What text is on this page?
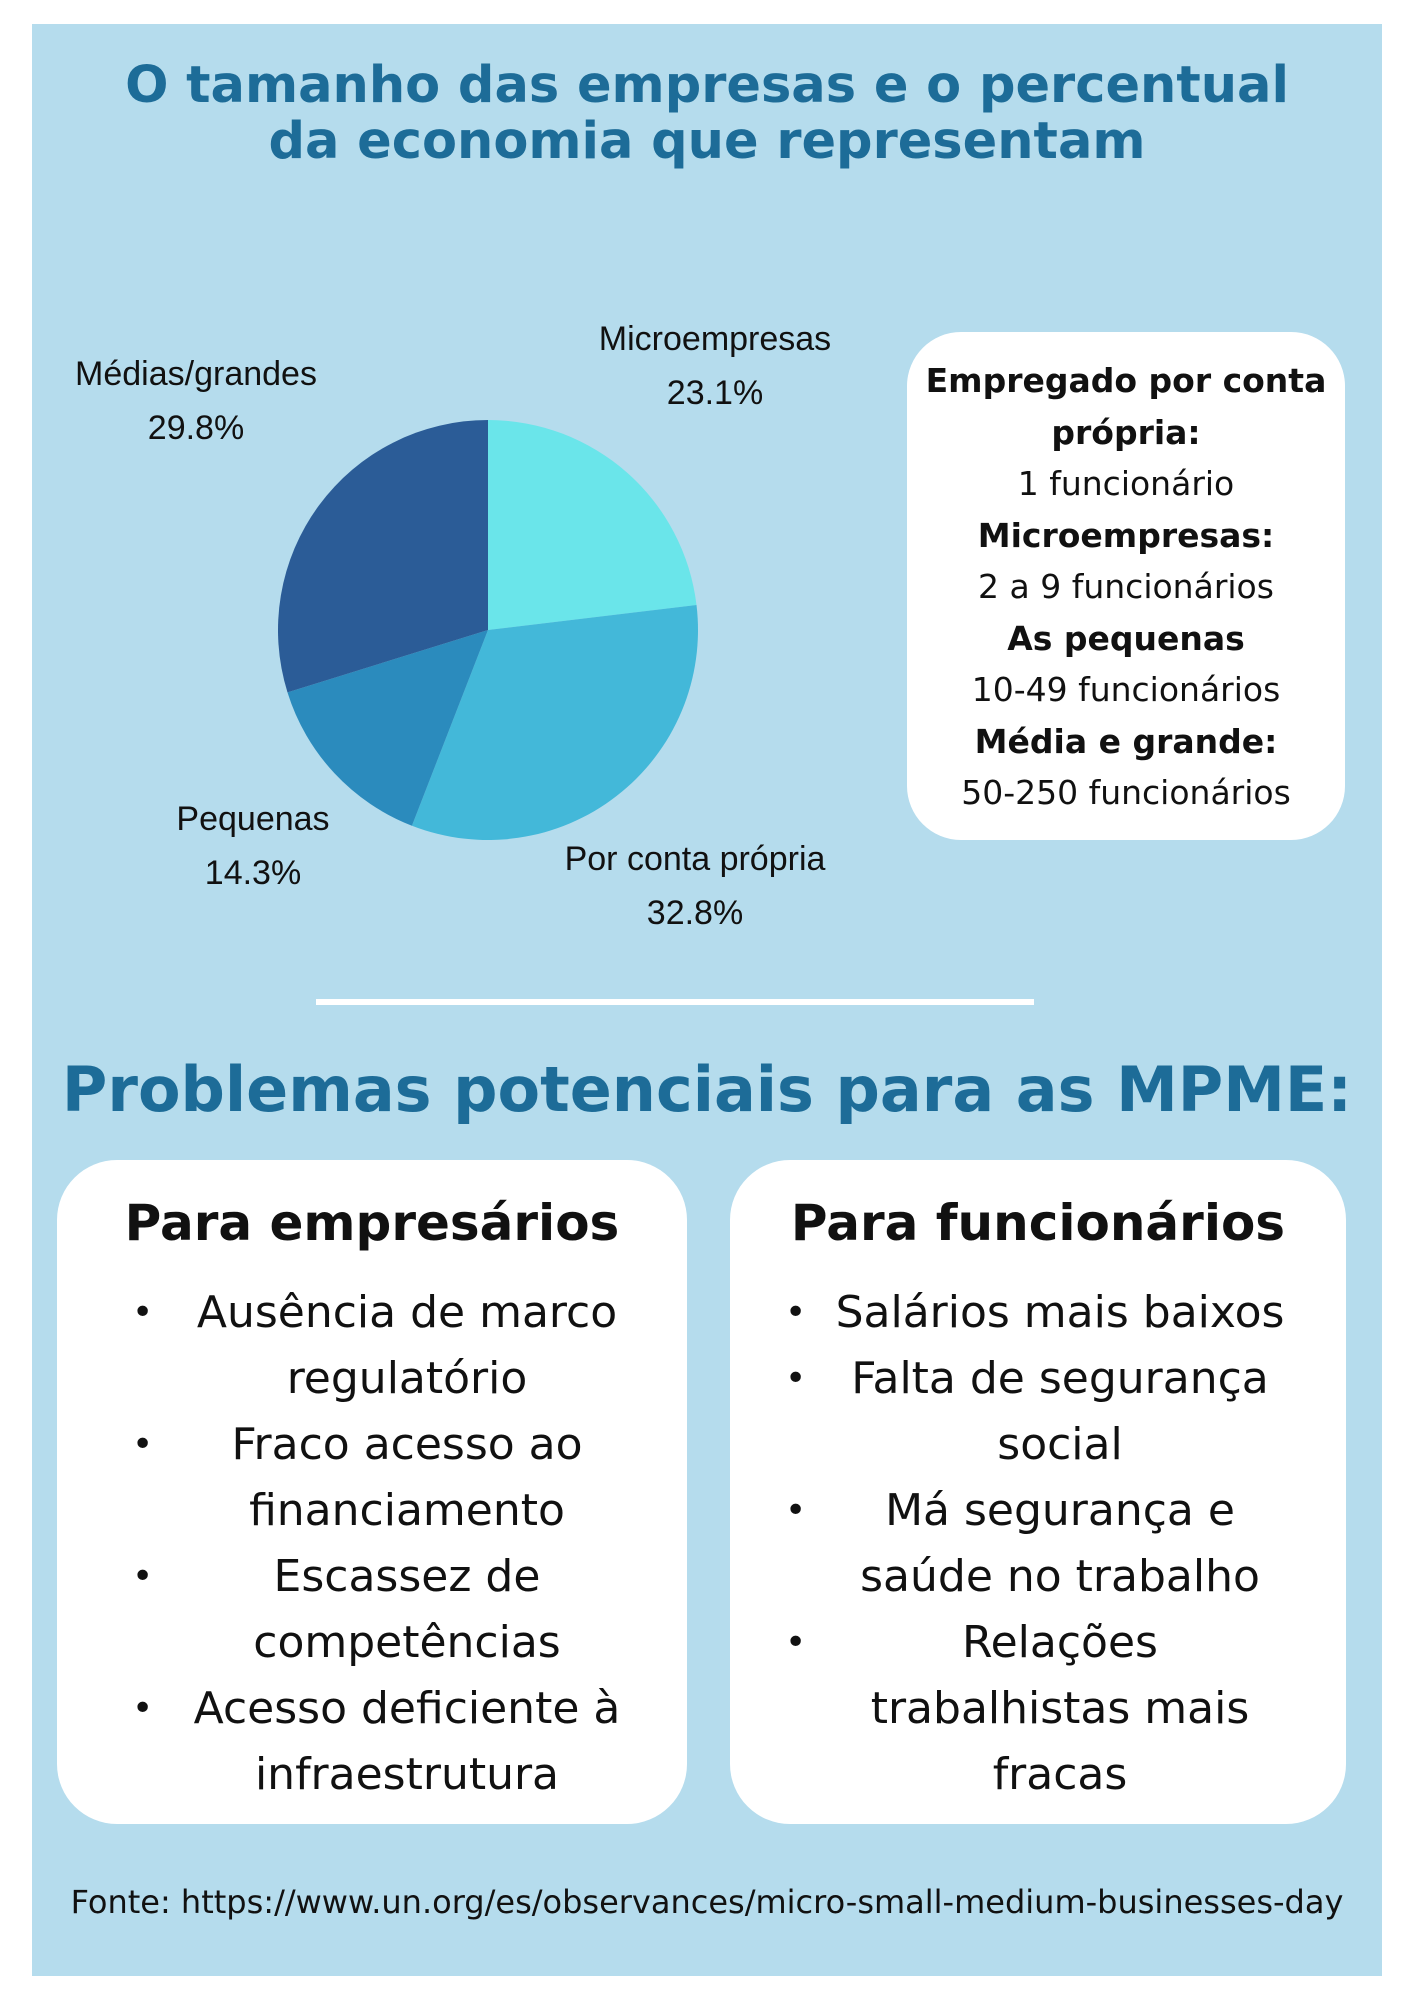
O tamanho das empresas e o percentual
da economia que representam
Microempresas
23.1%
Por conta própria
32.8%
Pequenas
14.3%
Médias/grandes
29.8%
Empregado por conta
própria:
1 funcionário
Microempresas:
2 a 9 funcionários
As pequenas
10-49 funcionários
Média e grande:
50-250 funcionários
Problemas potenciais para as MPME:
Para empresários
• Ausência de marco
regulatório
•	Fraco acesso ao
financiamento
•	Escassez de
competências
• Acesso deficiente à
infraestrutura
Para funcionários
• Salários mais baixos
•	Falta de segurança
social
•	Má segurança e
saúde no trabalho
•	Relações
trabalhistas mais
fracas
Fonte: https://www.un.org/es/observances/micro-small-medium-businesses-day
